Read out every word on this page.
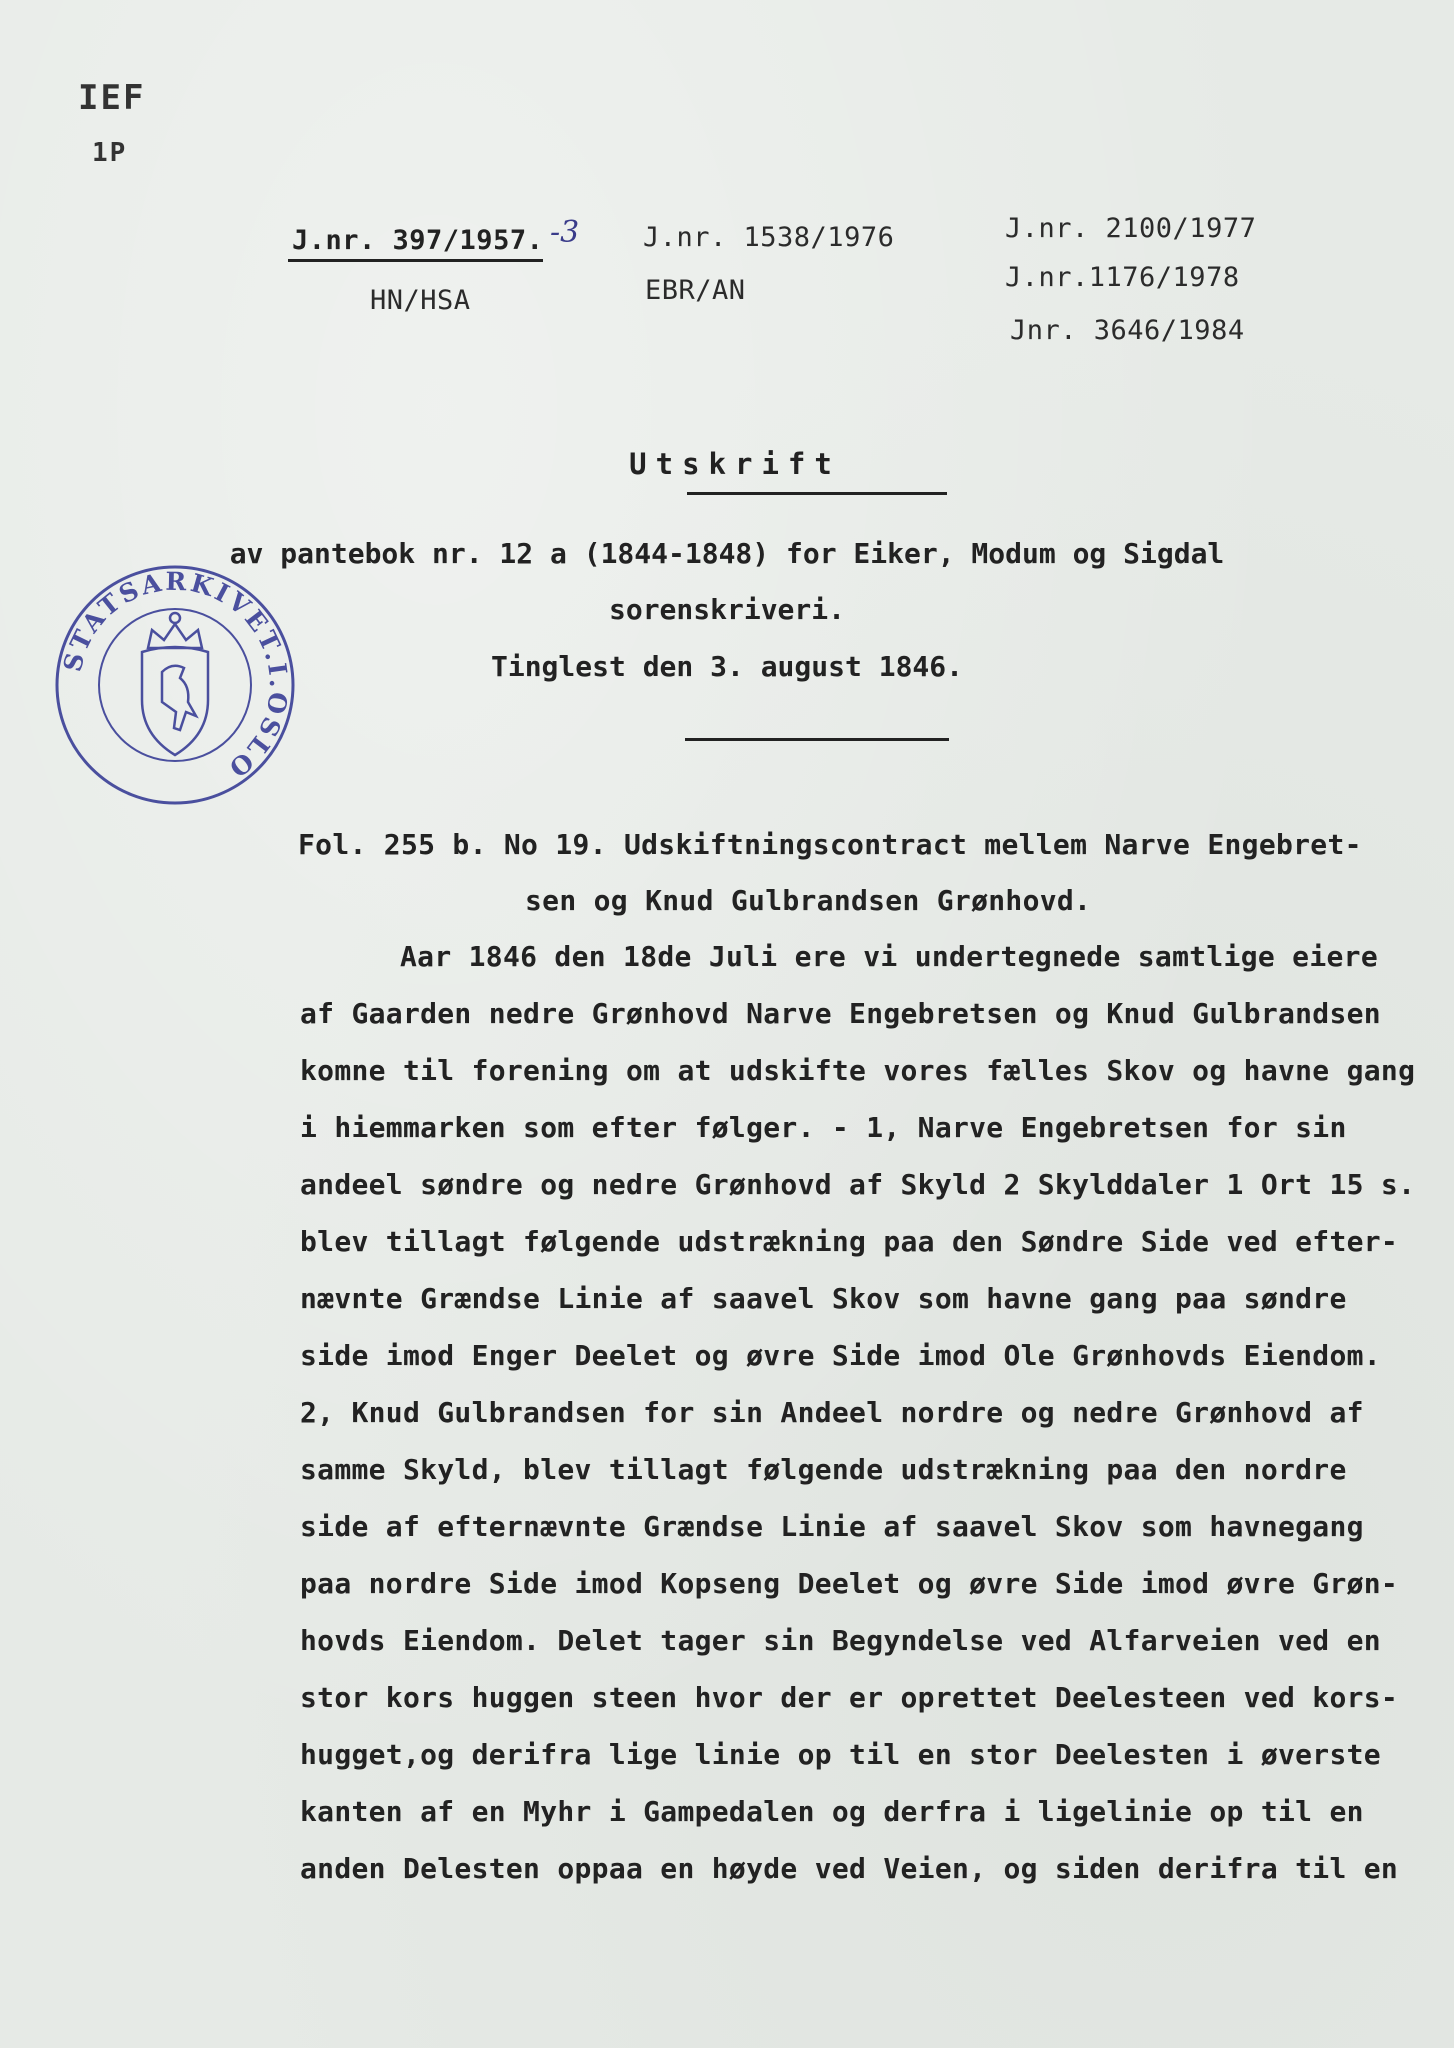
IEF
1P
J.nr. 397/1957. -3
HN/HSA
J.nr. 1538/1976
EBR/AN
J.nr. 2100/1977
J.nr.1176/1978
Jnr. 3646/1984
STATSARKIVET.I.OSLO
Utskrift
av pantebok nr. 12 a (1844-1848) for Eiker, Modum og Sigdal
sorenskriveri.
Tinglest den 3. august 1846.
Fol. 255 b. No 19. Udskiftningscontract mellem Narve Engebret-
sen og Knud Gulbrandsen Grønhovd.
Aar 1846 den 18de Juli ere vi undertegnede samtlige eiere
af Gaarden nedre Grønhovd Narve Engebretsen og Knud Gulbrandsen
komne til forening om at udskifte vores fælles Skov og havne gang
i hiemmarken som efter følger. - 1, Narve Engebretsen for sin
andeel søndre og nedre Grønhovd af Skyld 2 Skylddaler 1 Ort 15 s.
blev tillagt følgende udstrækning paa den Søndre Side ved efter-
nævnte Grændse Linie af saavel Skov som havne gang paa søndre
side imod Enger Deelet og øvre Side imod Ole Grønhovds Eiendom.
2, Knud Gulbrandsen for sin Andeel nordre og nedre Grønhovd af
samme Skyld, blev tillagt følgende udstrækning paa den nordre
side af efternævnte Grændse Linie af saavel Skov som havnegang
paa nordre Side imod Kopseng Deelet og øvre Side imod øvre Grøn-
hovds Eiendom. Delet tager sin Begyndelse ved Alfarveien ved en
stor kors huggen steen hvor der er oprettet Deelesteen ved kors-
hugget,og derifra lige linie op til en stor Deelesten i øverste
kanten af en Myhr i Gampedalen og derfra i ligelinie op til en
anden Delesten oppaa en høyde ved Veien, og siden derifra til en
